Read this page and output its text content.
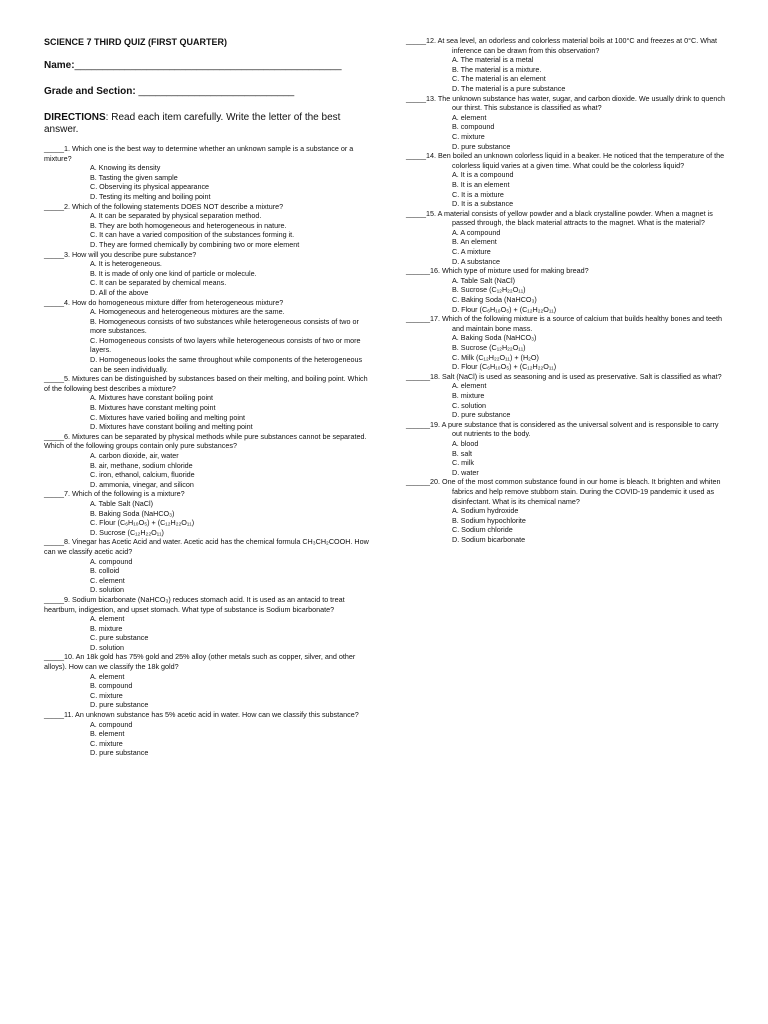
SCIENCE 7 THIRD QUIZ (FIRST QUARTER)

Name:________________________________________________

Grade and Section: ____________________________

DIRECTIONS: Read each item carefully. Write the letter of the best answer.

_____1. Which one is the best way to determine whether an unknown sample is a substance or a mixture?

A. Knowing its density

B. Tasting the given sample

C. Observing its physical appearance

D. Testing its melting and boiling point

_____2. Which of the following statements DOES NOT describe a mixture?

A. It can be separated by physical separation method.

B. They are both homogeneous and heterogeneous in nature.

C. It can have a varied composition of the substances forming it.

D. They are formed chemically by combining two or more element

_____3. How will you describe pure substance?

A. It is heterogeneous.

B. It is made of only one kind of particle or molecule.

C. It can be separated by chemical means.

D. All of the above

_____4. How do homogeneous mixture differ from heterogeneous mixture?

A. Homogeneous and heterogeneous mixtures are the same.

B. Homogeneous consists of two substances while heterogeneous consists of two or more substances.

C. Homogeneous consists of two layers while heterogeneous consists of two or more layers.

D. Homogeneous looks the same throughout while components of the heterogeneous can be seen individually.

_____5. Mixtures can be distinguished by substances based on their melting, and boiling point. Which of the following best describes a mixture?

A. Mixtures have constant boiling point

B. Mixtures have constant melting point

C. Mixtures have varied boiling and melting point

D. Mixtures have constant boiling and melting point

_____6. Mixtures can be separated by physical methods while pure substances cannot be separated. Which of the following groups contain only pure substances?

A. carbon dioxide, air, water

B. air, methane, sodium chloride

C. iron, ethanol, calcium, fluoride

D. ammonia, vinegar, and silicon

_____7. Which of the following is a mixture?

A. Table Salt (NaCl)

B. Baking Soda (NaHCO₃)

C. Flour (C₆H₁₀O₅) + (C₁₂H₂₂O₁₁)

D. Sucrose (C₁₂H₂₂O₁₁)

_____8. Vinegar has Acetic Acid and water. Acetic acid has the chemical formula CH₃CH₂COOH. How can we classify acetic acid?

A. compound

B. colloid

C. element

D. solution

_____9. Sodium bicarbonate (NaHCO₃) reduces stomach acid. It is used as an antacid to treat heartburn, indigestion, and upset stomach. What type of substance is Sodium bicarbonate?

A. element

B. mixture

C. pure substance

D. solution

_____10. An 18k gold has 75% gold and 25% alloy (other metals such as copper, silver, and other alloys). How can we classify the 18k gold?

A. element

B. compound

C. mixture

D. pure substance

_____11. An unknown substance has 5% acetic acid in water. How can we classify this substance?

A. compound

B. element

C. mixture

D. pure substance

_____12. At sea level, an odorless and colorless material boils at 100°C and freezes at 0°C. What inference can be drawn from this observation?

A. The material is a metal

B. The material is a mixture.

C. The material is an element

D. The material is a pure substance

_____13. The unknown substance has water, sugar, and carbon dioxide. We usually drink to quench our thirst. This substance is classified as what?

A. element

B. compound

C. mixture

D. pure substance

_____14. Ben boiled an unknown colorless liquid in a beaker. He noticed that the temperature of the colorless liquid varies at a given time. What could be the colorless liquid?

A. It is a compound

B. It is an element

C. It is a mixture

D. It is a substance

_____15. A material consists of yellow powder and a black crystalline powder. When a magnet is passed through, the black material attracts to the magnet. What is the material?

A. A compound

B. An element

C. A mixture

D. A substance

______16. Which type of mixture used for making bread?

A. Table Salt (NaCl)

B. Sucrose (C₁₂H₂₂O₁₁)

C. Baking Soda (NaHCO₃)

D. Flour (C₆H₁₀O₅) + (C₁₂H₂₂O₁₁)

______17. Which of the following mixture is a source of calcium that builds healthy bones and teeth and maintain bone mass.

A. Baking Soda (NaHCO₃)

B. Sucrose (C₁₂H₂₂O₁₁)

C. Milk (C₁₂H₂₂O₁₁) + (H₂O)

D. Flour (C₆H₁₀O₅) + (C₁₂H₂₂O₁₁)

______18. Salt (NaCl) is used as seasoning and is used as preservative. Salt is classified as what?

A. element

B. mixture

C. solution

D. pure substance

______19. A pure substance that is considered as the universal solvent and is responsible to carry out nutrients to the body.

A. blood

B. salt

C. milk

D. water

______20. One of the most common substance found in our home is bleach. It brighten and whiten fabrics and help remove stubborn stain. During the COVID-19 pandemic it used as disinfectant. What is its chemical name?

A. Sodium hydroxide

B. Sodium hypochlorite

C. Sodium chloride

D. Sodium bicarbonate
